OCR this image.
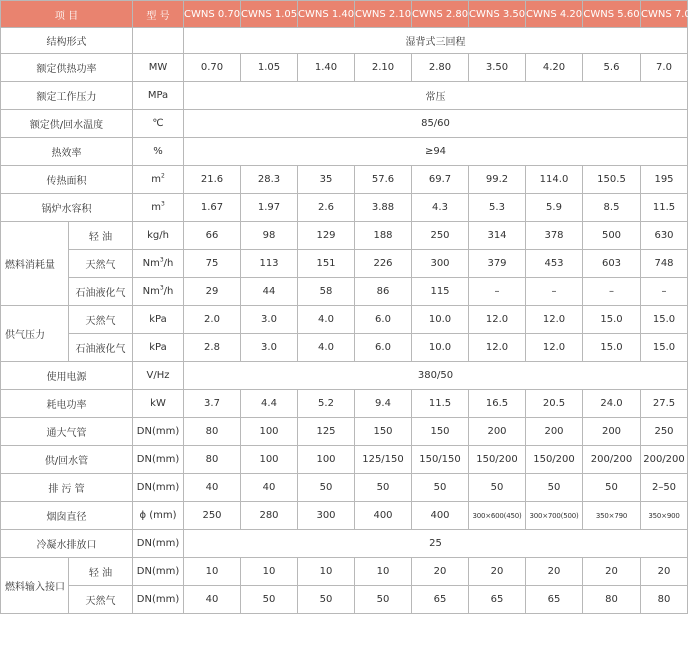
项 目		型 号	CWNS 0.70	CWNS 1.05	CWNS 1.40	CWNS 2.10	CWNS 2.80	CWNS 3.50	CWNS 4.20	CWNS 5.60	CWNS 7.0
结构形式			湿背式三回程								
额定供热功率		MW	0.70	1.05	1.40	2.10	2.80	3.50	4.20	5.6	7.0
额定工作压力		MPa	常压								
额定供/回水温度		℃	85/60								
热效率		%	≥94								
传热面积		$m^2$	21.6	28.3	35	57.6	69.7	99.2	114.0	150.5	195
锅炉水容积		$m^3$	1.67	1.97	2.6	3.88	4.3	5.3	5.9	8.5	11.5
燃料消耗量	轻 油	kg/h	66	98	129	188	250	314	378	500	630
	天然气	Nm$^3$/h	75	113	151	226	300	379	453	603	748
	石油液化气	Nm$^3$/h	29	44	58	86	115	–	–	–	–
供气压力	天然气	kPa	2.0	3.0	4.0	6.0	10.0	12.0	12.0	15.0	15.0
	石油液化气	kPa	2.8	3.0	4.0	6.0	10.0	12.0	12.0	15.0	15.0
使用电源		V/Hz	380/50								
耗电功率		kW	3.7	4.4	5.2	9.4	11.5	16.5	20.5	24.0	27.5
通大气管		DN(mm)	80	100	125	150	150	200	200	200	250
供/回水管		DN(mm)	80	100	100	125/150	150/150	150/200	150/200	200/200	200/200
排 污 管		DN(mm)	40	40	50	50	50	50	50	50	2–50
烟囱直径		ϕ (mm)	250	280	300	400	400	300×600(450)	300×700(500)	350×790	350×900
冷凝水排放口		DN(mm)	25								
燃料输入接口	轻 油	DN(mm)	10	10	10	10	20	20	20	20	20
	天然气	DN(mm)	40	50	50	50	65	65	65	80	80
